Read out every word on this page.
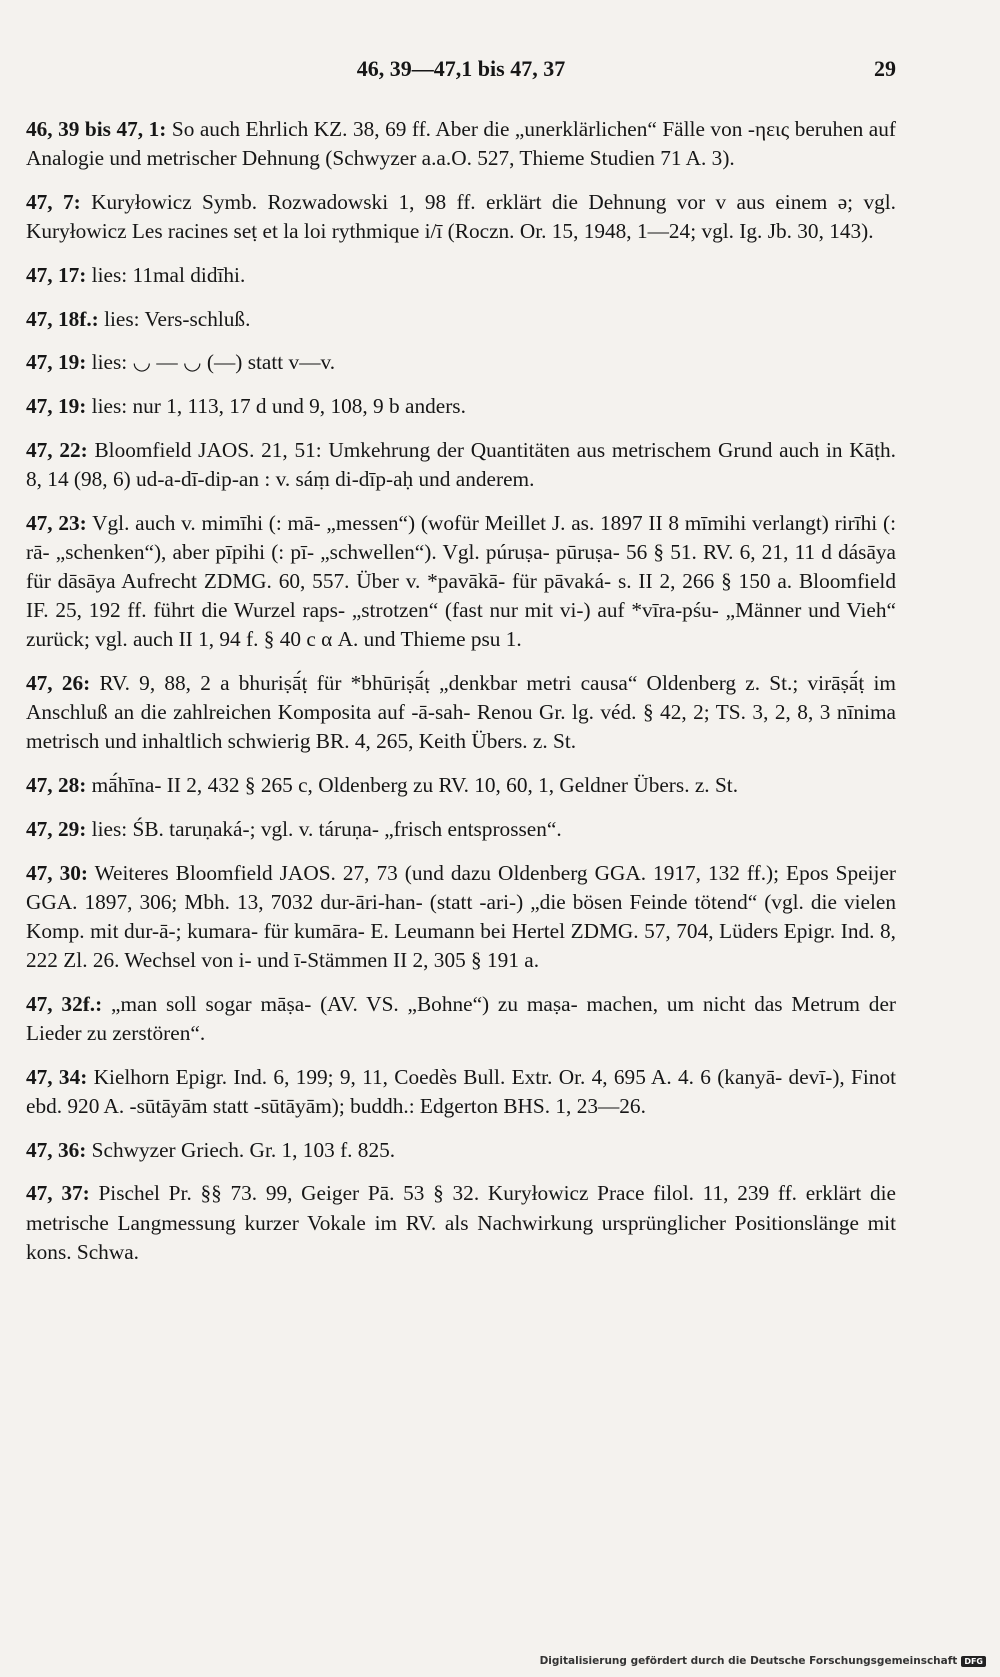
46, 39—47,1 bis 47, 37	29

46, 39 bis 47, 1: So auch Ehrlich KZ. 38, 69 ff. Aber die „unerklärlichen“ Fälle von -ηεις beruhen auf Analogie und metrischer Dehnung (Schwyzer a.a.O. 527, Thieme Studien 71 A. 3).

47, 7: Kuryłowicz Symb. Rozwadowski 1, 98 ff. erklärt die Dehnung vor v aus einem ə; vgl. Kuryłowicz Les racines seṭ et la loi rythmique i/ī (Roczn. Or. 15, 1948, 1—24; vgl. Ig. Jb. 30, 143).

47, 17: lies: 11mal didīhi.

47, 18f.: lies: Vers-schluß.

47, 19: lies: ◡ — ◡ (—) statt v—v.

47, 19: lies: nur 1, 113, 17 d und 9, 108, 9 b anders.

47, 22: Bloomfield JAOS. 21, 51: Umkehrung der Quantitäten aus metrischem Grund auch in Kāṭh. 8, 14 (98, 6) ud-a-dī-dip-an : v. sáṃ di-dīp-aḥ und anderem.

47, 23: Vgl. auch v. mimīhi (: mā- „messen“) (wofür Meillet J. as. 1897 II 8 mīmihi verlangt) rirīhi (: rā- „schenken“), aber pīpihi (: pī- „schwellen“). Vgl. púruṣa- pūruṣa- 56 § 51. RV. 6, 21, 11 d dásāya für dāsāya Aufrecht ZDMG. 60, 557. Über v. *pavākā- für pāvaká- s. II 2, 266 § 150 a. Bloomfield IF. 25, 192 ff. führt die Wurzel raps- „strotzen“ (fast nur mit vi-) auf *vīra-pśu- „Männer und Vieh“ zurück; vgl. auch II 1, 94 f. § 40 c α A. und Thieme psu 1.

47, 26: RV. 9, 88, 2 a bhuriṣā́ṭ für *bhūriṣā́ṭ „denkbar metri causa“ Oldenberg z. St.; virāṣā́ṭ im Anschluß an die zahlreichen Komposita auf -ā-sah- Renou Gr. lg. véd. § 42, 2; TS. 3, 2, 8, 3 nīnima metrisch und inhaltlich schwierig BR. 4, 265, Keith Übers. z. St.

47, 28: mā́hīna- II 2, 432 § 265 c, Oldenberg zu RV. 10, 60, 1, Geldner Übers. z. St.

47, 29: lies: ŚB. taruṇaká-; vgl. v. táruṇa- „frisch entsprossen“.

47, 30: Weiteres Bloomfield JAOS. 27, 73 (und dazu Oldenberg GGA. 1917, 132 ff.); Epos Speijer GGA. 1897, 306; Mbh. 13, 7032 dur-āri-han- (statt -ari-) „die bösen Feinde tötend“ (vgl. die vielen Komp. mit dur-ā-; kumara- für kumāra- E. Leumann bei Hertel ZDMG. 57, 704, Lüders Epigr. Ind. 8, 222 Zl. 26. Wechsel von i- und ī-Stämmen II 2, 305 § 191 a.

47, 32f.: „man soll sogar māṣa- (AV. VS. „Bohne“) zu maṣa- machen, um nicht das Metrum der Lieder zu zerstören“.

47, 34: Kielhorn Epigr. Ind. 6, 199; 9, 11, Coedès Bull. Extr. Or. 4, 695 A. 4. 6 (kanyā- devī-), Finot ebd. 920 A. -sūtāyām statt -sūtāyām); buddh.: Edgerton BHS. 1, 23—26.

47, 36: Schwyzer Griech. Gr. 1, 103 f. 825.

47, 37: Pischel Pr. §§ 73. 99, Geiger Pā. 53 § 32. Kuryłowicz Prace filol. 11, 239 ff. erklärt die metrische Langmessung kurzer Vokale im RV. als Nachwirkung ursprünglicher Positionslänge mit kons. Schwa.

Digitalisierung gefördert durch die Deutsche Forschungsgemeinschaft DFG
